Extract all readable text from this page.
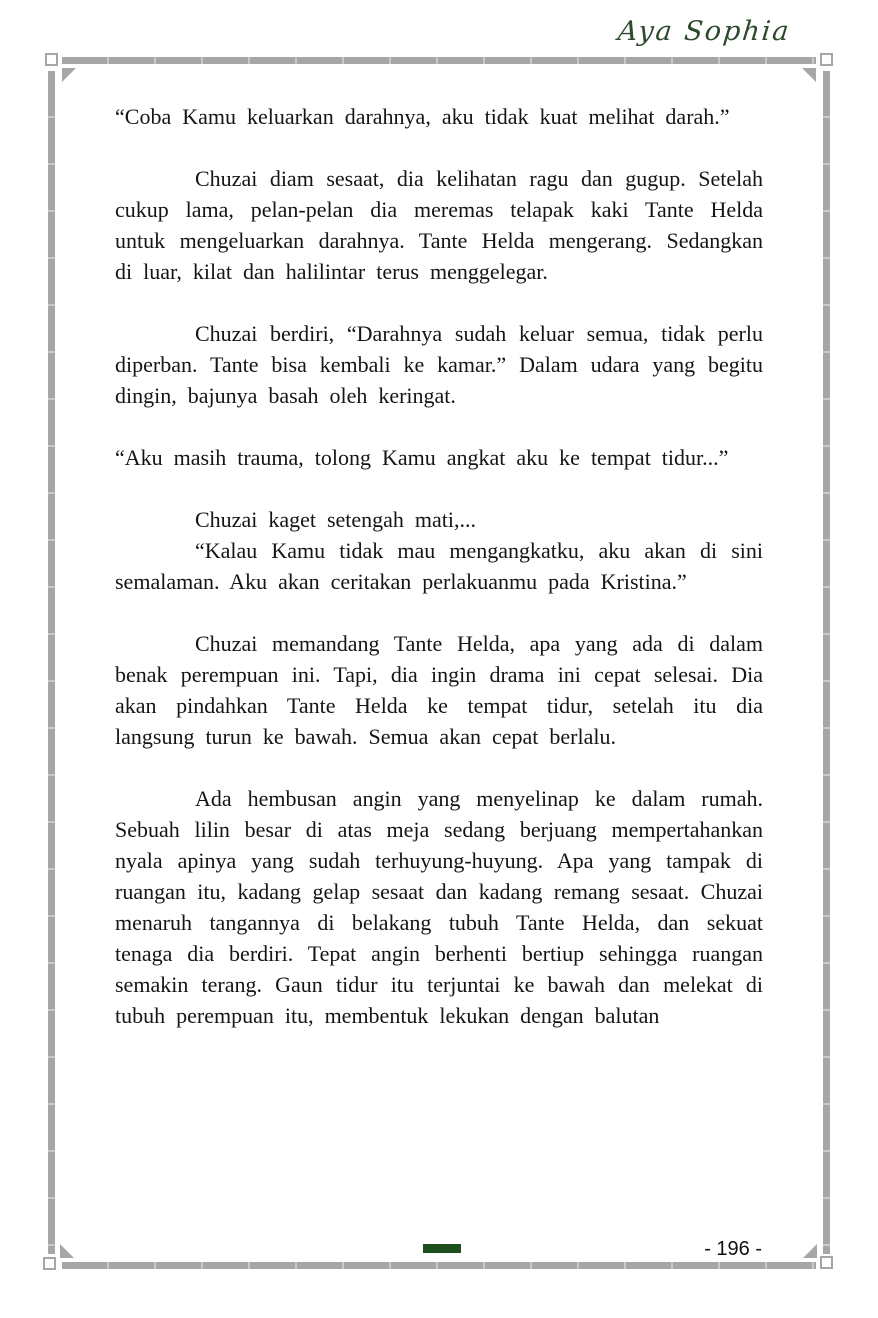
Aya Sophia

“Coba Kamu keluarkan darahnya, aku tidak kuat melihat darah.”

Chuzai diam sesaat, dia kelihatan ragu dan gugup. Setelah cukup lama, pelan-pelan dia meremas telapak kaki Tante Helda untuk mengeluarkan darahnya. Tante Helda mengerang. Sedangkan di luar, kilat dan halilintar terus menggelegar.

Chuzai berdiri, “Darahnya sudah keluar semua, tidak perlu diperban. Tante bisa kembali ke kamar.” Dalam udara yang begitu dingin, bajunya basah oleh keringat.

“Aku masih trauma, tolong Kamu angkat aku ke tempat tidur...”

Chuzai kaget setengah mati,...

“Kalau Kamu tidak mau mengangkatku, aku akan di sini semalaman. Aku akan ceritakan perlakuanmu pada Kristina.”

Chuzai memandang Tante Helda, apa yang ada di dalam benak perempuan ini. Tapi, dia ingin drama ini cepat selesai. Dia akan pindahkan Tante Helda ke tempat tidur, setelah itu dia langsung turun ke bawah. Semua akan cepat berlalu.

Ada hembusan angin yang menyelinap ke dalam rumah. Sebuah lilin besar di atas meja sedang berjuang mempertahankan nyala apinya yang sudah terhuyung-huyung. Apa yang tampak di ruangan itu, kadang gelap sesaat dan kadang remang sesaat. Chuzai menaruh tangannya di belakang tubuh Tante Helda, dan sekuat tenaga dia berdiri. Tepat angin berhenti bertiup sehingga ruangan semakin terang. Gaun tidur itu terjuntai ke bawah dan melekat di tubuh perempuan itu, membentuk lekukan dengan balutan

- 196 -
